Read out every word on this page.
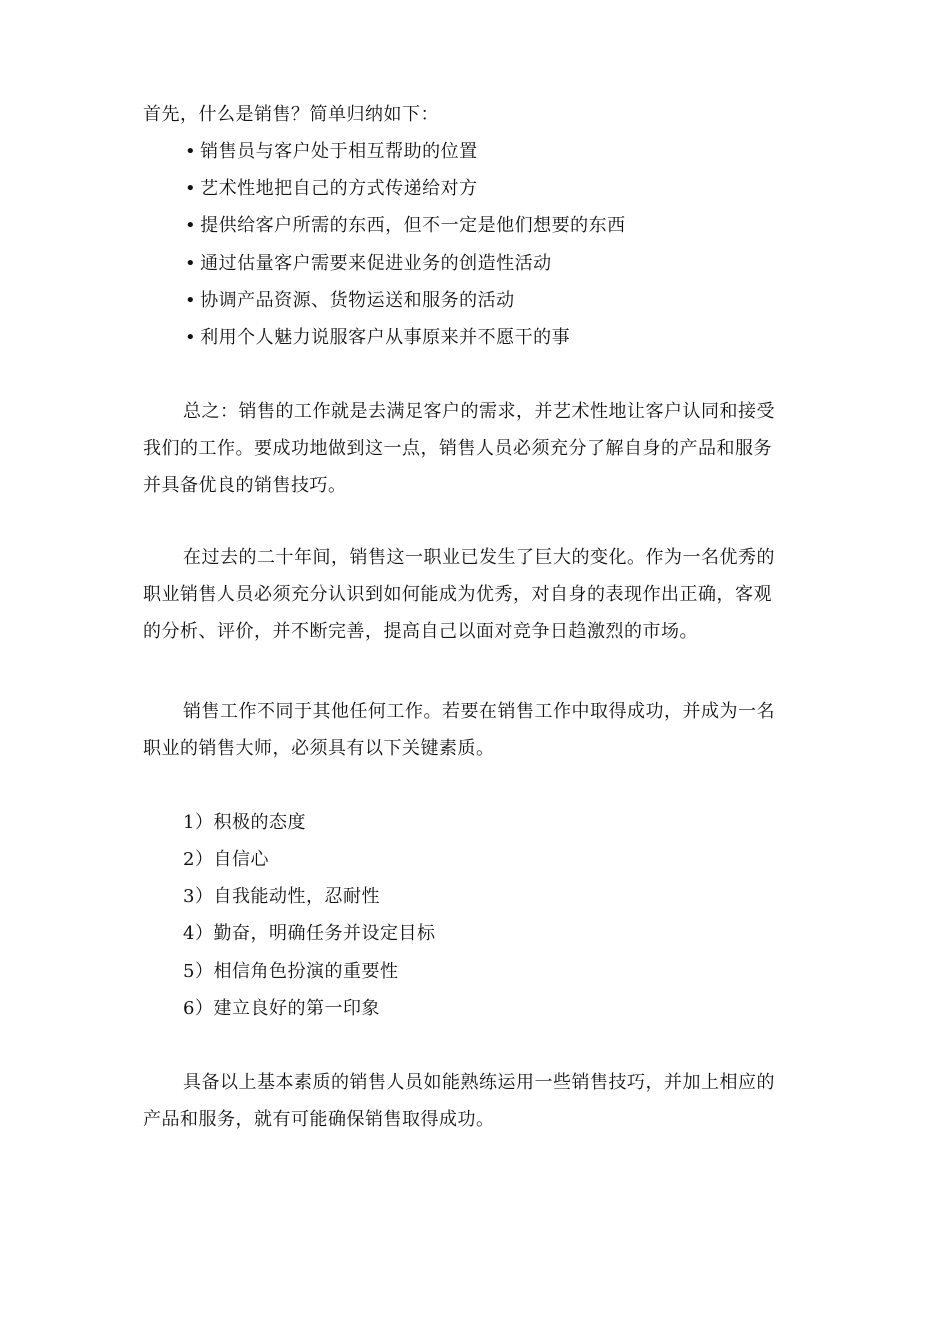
首先，什么是销售？简单归纳如下：
• 销售员与客户处于相互帮助的位置
• 艺术性地把自己的方式传递给对方
• 提供给客户所需的东西，但不一定是他们想要的东西
• 通过估量客户需要来促进业务的创造性活动
• 协调产品资源、货物运送和服务的活动
• 利用个人魅力说服客户从事原来并不愿干的事
总之：销售的工作就是去满足客户的需求，并艺术性地让客户认同和接受
我们的工作。要成功地做到这一点，销售人员必须充分了解自身的产品和服务
并具备优良的销售技巧。
在过去的二十年间，销售这一职业已发生了巨大的变化。作为一名优秀的
职业销售人员必须充分认识到如何能成为优秀，对自身的表现作出正确，客观
的分析、评价，并不断完善，提高自己以面对竞争日趋激烈的市场。
销售工作不同于其他任何工作。若要在销售工作中取得成功，并成为一名
职业的销售大师，必须具有以下关键素质。
1）积极的态度
2）自信心
3）自我能动性，忍耐性
4）勤奋，明确任务并设定目标
5）相信角色扮演的重要性
6）建立良好的第一印象
具备以上基本素质的销售人员如能熟练运用一些销售技巧，并加上相应的
产品和服务，就有可能确保销售取得成功。
